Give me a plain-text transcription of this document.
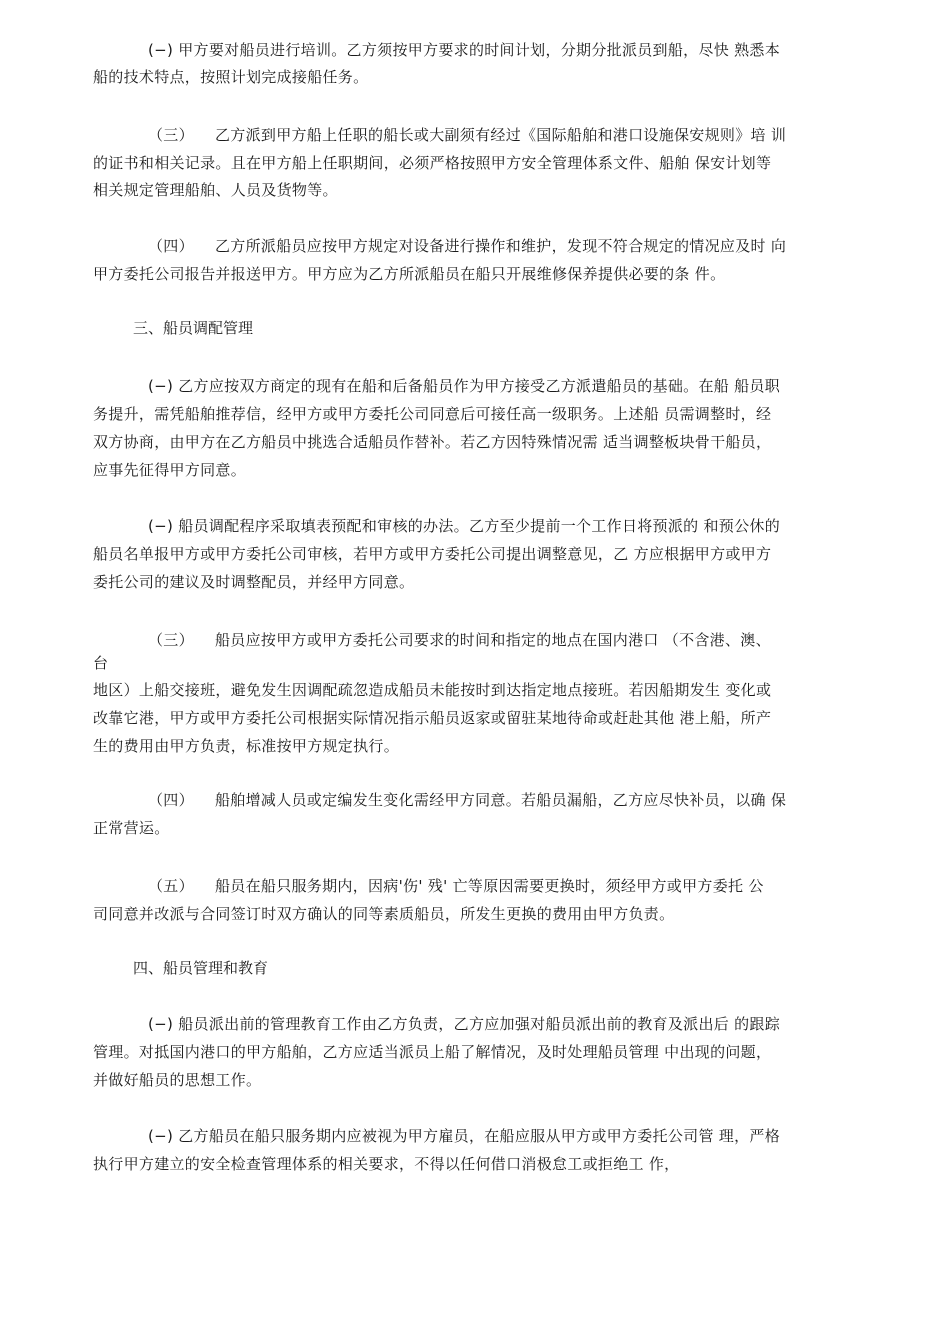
(−) 甲方要对船员进行培训。乙方须按甲方要求的时间计划，分期分批派员到船，尽快 熟悉本
船的技术特点，按照计划完成接船任务。
（三） 乙方派到甲方船上任职的船长或大副须有经过《国际船舶和港口设施保安规则》培 训
的证书和相关记录。且在甲方船上任职期间，必须严格按照甲方安全管理体系文件、船舶 保安计划等
相关规定管理船舶、人员及货物等。
（四） 乙方所派船员应按甲方规定对设备进行操作和维护，发现不符合规定的情况应及时 向
甲方委托公司报告并报送甲方。甲方应为乙方所派船员在船只开展维修保养提供必要的条 件。
三、船员调配管理
(−) 乙方应按双方商定的现有在船和后备船员作为甲方接受乙方派遣船员的基础。在船 船员职
务提升，需凭船舶推荐信，经甲方或甲方委托公司同意后可接任高一级职务。上述船 员需调整时，经
双方协商，由甲方在乙方船员中挑选合适船员作替补。若乙方因特殊情况需 适当调整板块骨干船员，
应事先征得甲方同意。
(−) 船员调配程序采取填表预配和审核的办法。乙方至少提前一个工作日将预派的 和预公休的
船员名单报甲方或甲方委托公司审核，若甲方或甲方委托公司提出调整意见，乙 方应根据甲方或甲方
委托公司的建议及时调整配员，并经甲方同意。
（三） 船员应按甲方或甲方委托公司要求的时间和指定的地点在国内港口 （不含港、澳、
台
地区）上船交接班，避免发生因调配疏忽造成船员未能按时到达指定地点接班。若因船期发生 变化或
改靠它港，甲方或甲方委托公司根据实际情况指示船员返家或留驻某地待命或赶赴其他 港上船，所产
生的费用由甲方负责，标准按甲方规定执行。
（四） 船舶增减人员或定编发生变化需经甲方同意。若船员漏船，乙方应尽快补员，以确 保
正常营运。
（五） 船员在船只服务期内，因病'伤' 残' 亡等原因需要更换时，须经甲方或甲方委托 公
司同意并改派与合同签订时双方确认的同等素质船员，所发生更换的费用由甲方负责。
四、船员管理和教育
(−) 船员派出前的管理教育工作由乙方负责，乙方应加强对船员派出前的教育及派出后 的跟踪
管理。对抵国内港口的甲方船舶，乙方应适当派员上船了解情况，及时处理船员管理 中出现的问题，
并做好船员的思想工作。
(−) 乙方船员在船只服务期内应被视为甲方雇员，在船应服从甲方或甲方委托公司管 理，严格
执行甲方建立的安全检查管理体系的相关要求，不得以任何借口消极怠工或拒绝工 作，
